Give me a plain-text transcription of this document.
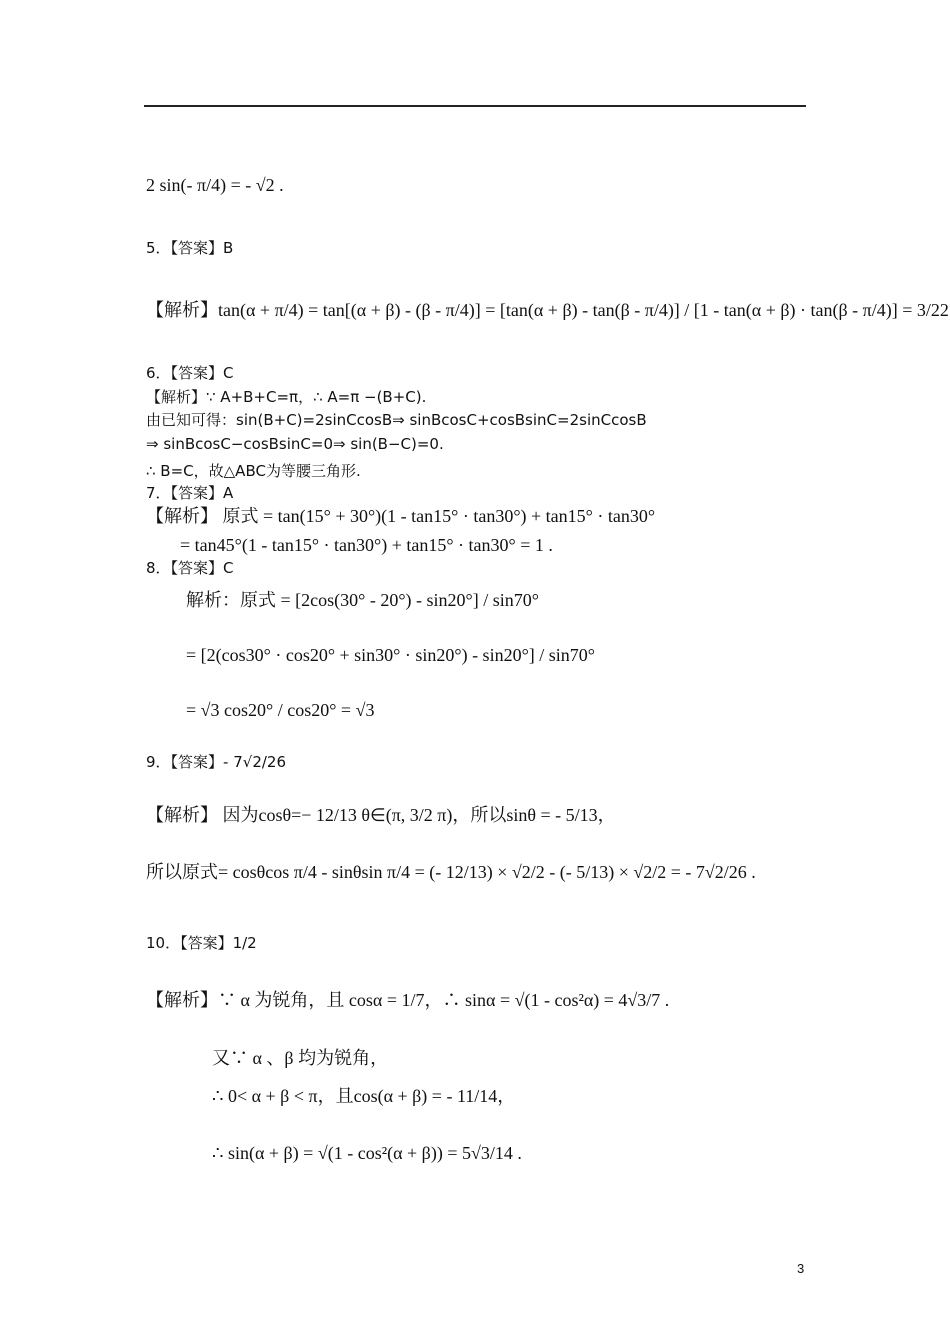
2 sin(- π/4) = - √2 .
5．【答案】B
【解析】tan(α + π/4) = tan[(α + β) - (β - π/4)] = [tan(α + β) - tan(β - π/4)] / [1 - tan(α + β) · tan(β - π/4)] = 3/22
6．【答案】C
【解析】∵ A+B+C=π，∴ A=π −(B+C).
由已知可得：sin(B+C)=2sinCcosB⇒ sinBcosC+cosBsinC=2sinCcosB
⇒ sinBcosC−cosBsinC=0⇒ sin(B−C)=0.
∴ B=C，故△ABC为等腰三角形.
7．【答案】A
【解析】 原式 = tan(15° + 30°)(1 - tan15° · tan30°) + tan15° · tan30°
= tan45°(1 - tan15° · tan30°) + tan15° · tan30° = 1 .
8．【答案】C
解析：原式 = [2cos(30° - 20°) - sin20°] / sin70°
= [2(cos30° · cos20° + sin30° · sin20°) - sin20°] / sin70°
= √3 cos20° / cos20° = √3
9．【答案】- 7√2/26
【解析】 因为cosθ=− 12/13 θ∈(π, 3/2 π)，所以sinθ = - 5/13，
所以原式= cosθcos π/4 - sinθsin π/4 = (- 12/13) × √2/2 - (- 5/13) × √2/2 = - 7√2/26 .
10．【答案】1/2
【解析】∵ α 为锐角，且 cosα = 1/7，∴ sinα = √(1 - cos²α) = 4√3/7 .
又∵ α 、β 均为锐角，
∴ 0< α + β < π，且cos(α + β) = - 11/14，
∴ sin(α + β) = √(1 - cos²(α + β)) = 5√3/14 .
3
